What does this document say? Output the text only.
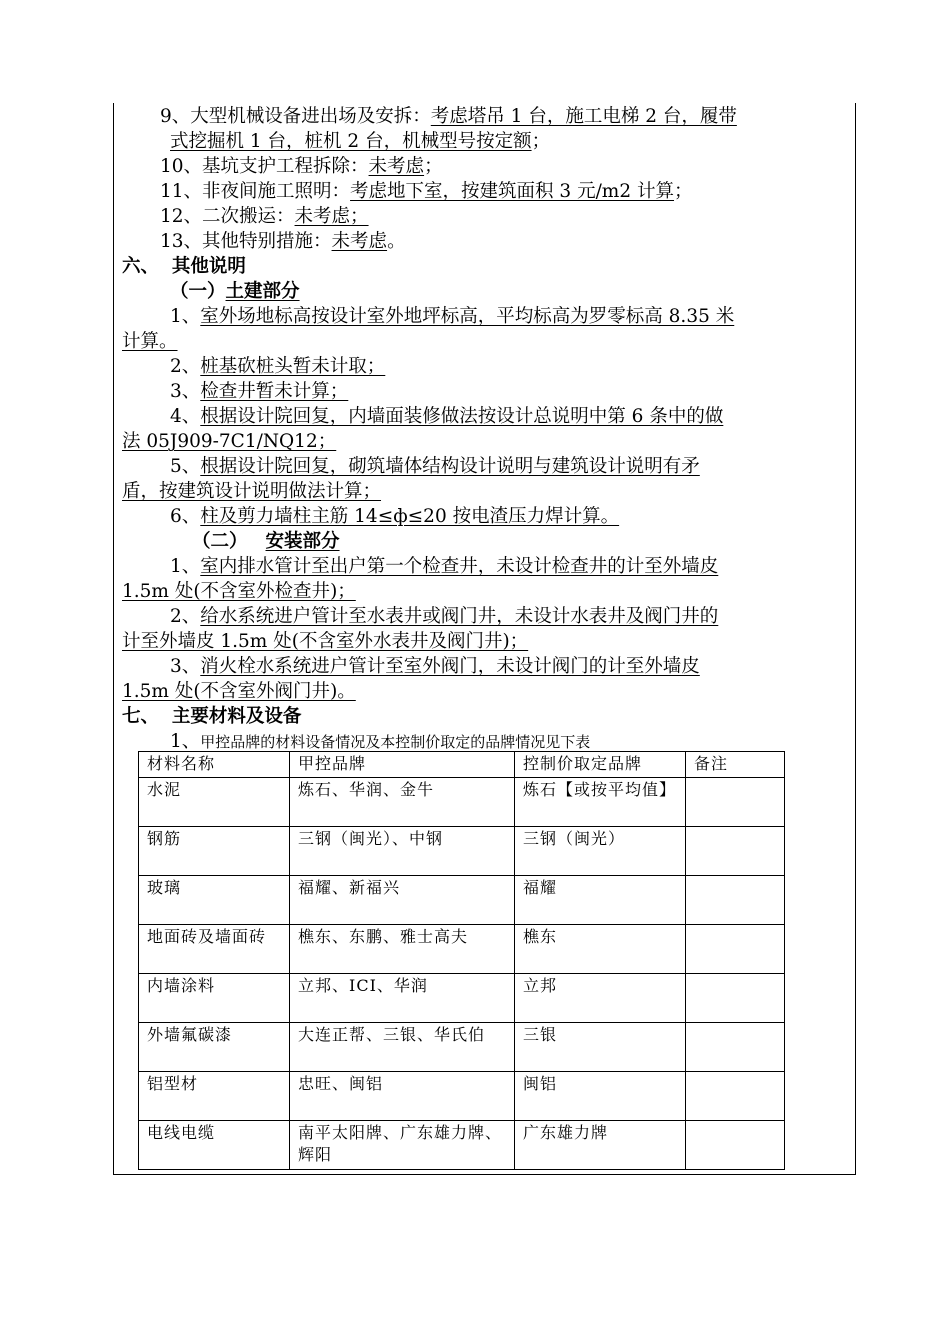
9、大型机械设备进出场及安拆：考虑塔吊 1 台，施工电梯 2 台，履带
式挖掘机 1 台，桩机 2 台，机械型号按定额；
10、基坑支护工程拆除：未考虑；
11、非夜间施工照明：考虑地下室，按建筑面积 3 元/m2 计算；
12、二次搬运：未考虑；
13、其他特别措施：未考虑。
六、  其他说明
（一）土建部分
1、室外场地标高按设计室外地坪标高，平均标高为罗零标高 8.35 米
计算。
2、桩基砍桩头暂未计取；
3、检查井暂未计算；
4、根据设计院回复，内墙面装修做法按设计总说明中第 6 条中的做
法 05J909-7C1/NQ12；
5、根据设计院回复，砌筑墙体结构设计说明与建筑设计说明有矛
盾，按建筑设计说明做法计算；
6、柱及剪力墙柱主筋 14≤ф≤20 按电渣压力焊计算。
（二） 安装部分
1、室内排水管计至出户第一个检查井，未设计检查井的计至外墙皮
1.5m 处(不含室外检查井)；
2、给水系统进户管计至水表井或阀门井，未设计水表井及阀门井的
计至外墙皮 1.5m 处(不含室外水表井及阀门井)；
3、消火栓水系统进户管计至室外阀门，未设计阀门的计至外墙皮
1.5m 处(不含室外阀门井)。
七、  主要材料及设备
1、甲控品牌的材料设备情况及本控制价取定的品牌情况见下表
材料名称	甲控品牌	控制价取定品牌	备注
水泥	炼石、华润、金牛	炼石【或按平均值】	
钢筋	三钢（闽光）、中钢	三钢（闽光）	
玻璃	福耀、新福兴	福耀	
地面砖及墙面砖	樵东、东鹏、雅士高夫	樵东	
内墙涂料	立邦、ICI、华润	立邦	
外墙氟碳漆	大连正帮、三银、华氏伯	三银	
铝型材	忠旺、闽铝	闽铝	
电线电缆	南平太阳牌、广东雄力牌、辉阳	广东雄力牌	
